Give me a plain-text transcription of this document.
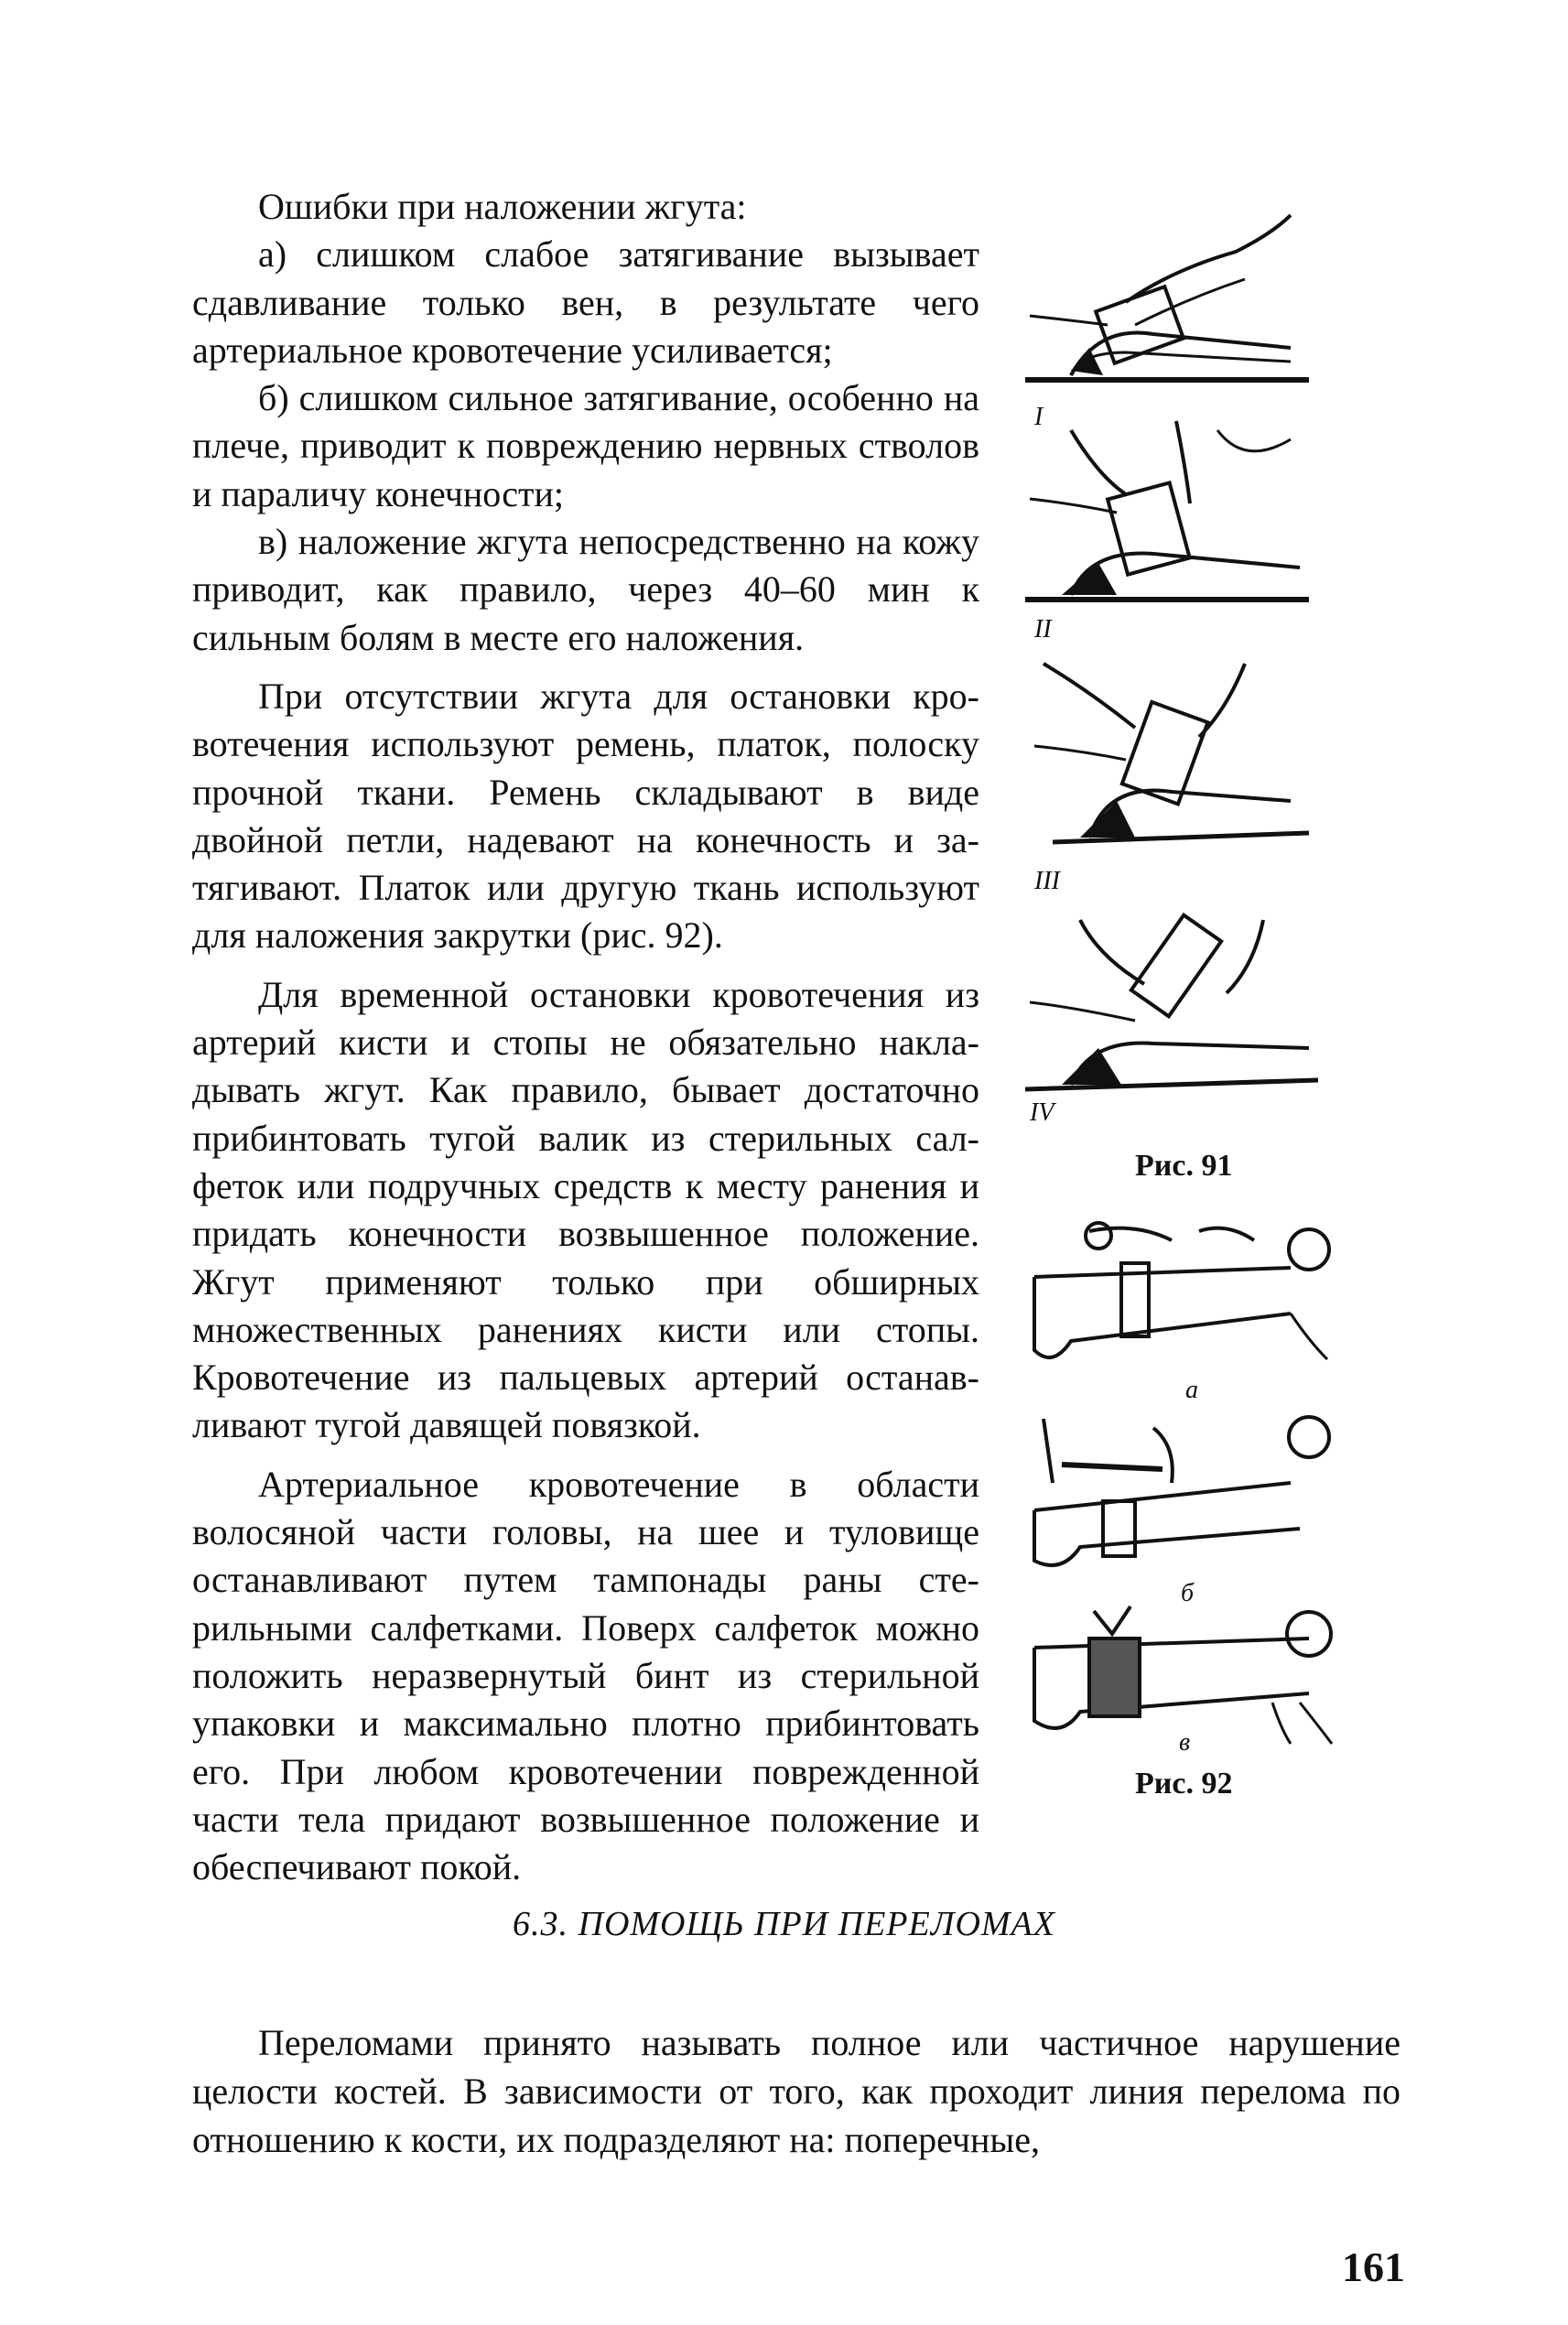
Ошибки при наложении жгута:

а) слишком слабое затягивание вызывает сдавливание только вен, в результате чего артериальное кровотечение усиливается;

б) слишком сильное затягивание, особенно на плече, приводит к повреждению нервных стволов и параличу конечности;

в) наложение жгута непосредственно на кожу приводит, как правило, через 40–60 мин к сильным болям в месте его наложения.

При отсутствии жгута для остановки кровотечения используют ремень, платок, полоску прочной ткани. Ремень складывают в виде двойной петли, надевают на конечность и затягивают. Платок или другую ткань используют для наложения закрутки (рис. 92).

Для временной остановки кровотечения из артерий кисти и стопы не обязательно накладывать жгут. Как правило, бывает достаточно прибинтовать тугой валик из стерильных салфеток или подручных средств к месту ранения и придать конечности возвышенное положение. Жгут применяют только при обширных множественных ранениях кисти или стопы. Кровотечение из пальцевых артерий останавливают тугой давящей повязкой.

Артериальное кровотечение в области волосяной части головы, на шее и туловище останавливают путем тампонады раны стерильными салфетками. Поверх салфеток можно положить неразвернутый бинт из стерильной упаковки и максимально плотно прибинтовать его. При любом кровотечении поврежденной части тела придают возвышенное положение и обеспечивают покой.

I
II
III
IV
Рис. 91
а
б
в
Рис. 92
6.3. ПОМОЩЬ ПРИ ПЕРЕЛОМАХ

Переломами принято называть полное или частичное нарушение целости костей. В зависимости от того, как проходит линия перелома по отношению к кости, их подразделяют на: поперечные,

161
